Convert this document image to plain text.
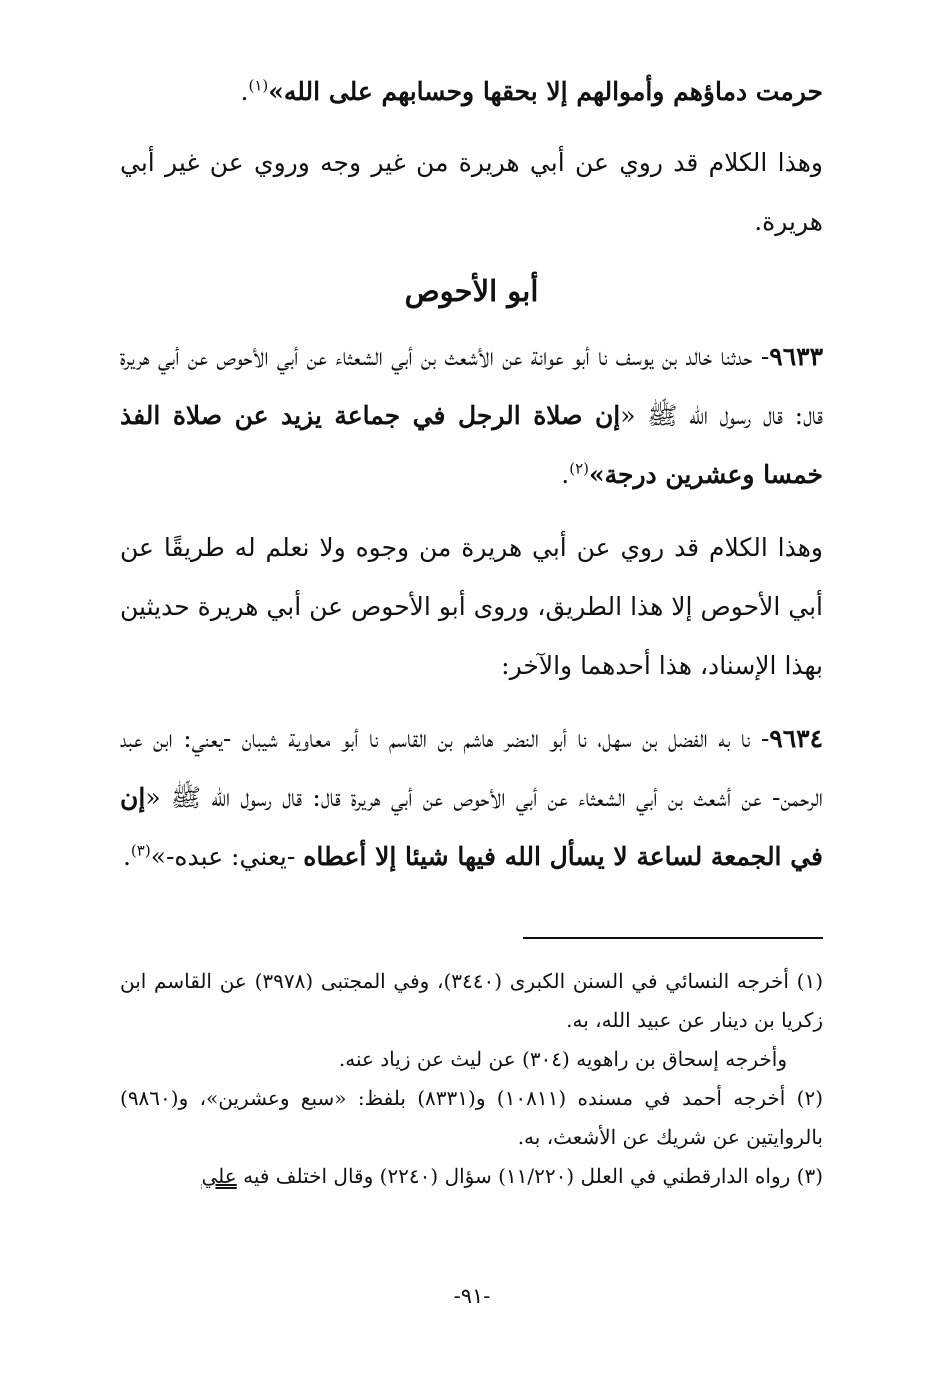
حرمت دماؤهم وأموالهم إلا بحقها وحسابهم على الله»$^{(١)}$.

وهذا الكلام قد روي عن أبي هريرة من غير وجه وروي عن غير أبي هريرة.

أبو الأحوص

٩٦٣٣- حدثنا خالد بن يوسف نا أبو عوانة عن الأشعث بن أبي الشعثاء عن أبي الأحوص عن أبي هريرة قال: قال رسول الله ﷺ «إن صلاة الرجل في جماعة يزيد عن صلاة الفذ خمسا وعشرين درجة»$^{(٢)}$.

وهذا الكلام قد روي عن أبي هريرة من وجوه ولا نعلم له طريقًا عن أبي الأحوص إلا هذا الطريق، وروى أبو الأحوص عن أبي هريرة حديثين بهذا الإسناد، هذا أحدهما والآخر:

٩٦٣٤- نا به الفضل بن سهل، نا أبو النضر هاشم بن القاسم نا أبو معاوية شيبان -يعني: ابن عبد الرحمن- عن أشعث بن أبي الشعثاء عن أبي الأحوص عن أبي هريرة قال: قال رسول الله ﷺ «إن في الجمعة لساعة لا يسأل الله فيها شيئا إلا أعطاه -يعني: عبده-»$^{(٣)}$.

(١) أخرجه النسائي في السنن الكبرى (٣٤٤٠)، وفي المجتبى (٣٩٧٨) عن القاسم ابن زكريا بن دينار عن عبيد الله، به.

وأخرجه إسحاق بن راهويه (٣٠٤) عن ليث عن زياد عنه.

(٢) أخرجه أحمد في مسنده (١٠٨١١) و(٨٣٣١) بلفظ: «سبع وعشرين»، و(٩٨٦٠) بالروايتين عن شريك عن الأشعث، به.

(٣) رواه الدارقطني في العلل (١١/٢٢٠) سؤال (٢٢٤٠) وقال اختلف فيه علي

-٩١-
